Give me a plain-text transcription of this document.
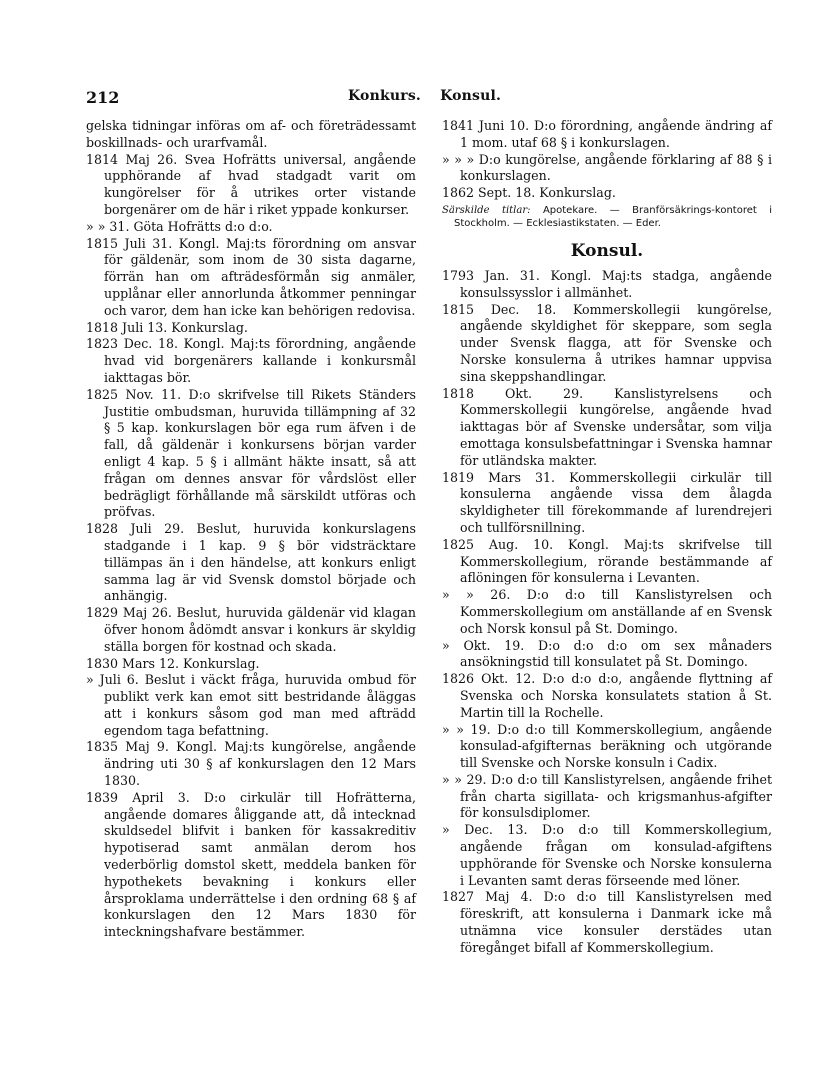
212	Konkurs. Konsul.

gelska tidningar införas om af- och företrädessamt boskillnads- och urarfvamål.

1814 Maj 26. Svea Hofrätts universal, angående upphörande af hvad stadgadt varit om kungörelser för å utrikes orter vistande borgenärer om de här i riket yppade konkurser.

» » 31. Göta Hofrätts d:o d:o.

1815 Juli 31. Kongl. Maj:ts förordning om ansvar för gäldenär, som inom de 30 sista dagarne, förrän han om afträdesförmån sig anmäler, upplånar eller annorlunda åtkommer penningar och varor, dem han icke kan behörigen redovisa.

1818 Juli 13. Konkurslag.

1823 Dec. 18. Kongl. Maj:ts förordning, angående hvad vid borgenärers kallande i konkursmål iakttagas bör.

1825 Nov. 11. D:o skrifvelse till Rikets Ständers Justitie ombudsman, huruvida tillämpning af 32 § 5 kap. konkurslagen bör ega rum äfven i de fall, då gäldenär i konkursens början varder enligt 4 kap. 5 § i allmänt häkte insatt, så att frågan om dennes ansvar för vårdslöst eller bedrägligt förhållande må särskildt utföras och pröfvas.

1828 Juli 29. Beslut, huruvida konkurslagens stadgande i 1 kap. 9 § bör vidsträcktare tillämpas än i den händelse, att konkurs enligt samma lag är vid Svensk domstol började och anhängig.

1829 Maj 26. Beslut, huruvida gäldenär vid klagan öfver honom ådömdt ansvar i konkurs är skyldig ställa borgen för kostnad och skada.

1830 Mars 12. Konkurslag.

» Juli 6. Beslut i väckt fråga, huruvida ombud för publikt verk kan emot sitt bestridande åläggas att i konkurs såsom god man med afträdd egendom taga befattning.

1835 Maj 9. Kongl. Maj:ts kungörelse, angående ändring uti 30 § af konkurslagen den 12 Mars 1830.

1839 April 3. D:o cirkulär till Hofrätterna, angående domares åliggande att, då intecknad skuldsedel blifvit i banken för kassakreditiv hypotiserad samt anmälan derom hos vederbörlig domstol skett, meddela banken för hypothekets bevakning i konkurs eller årsproklama underrättelse i den ordning 68 § af konkurslagen den 12 Mars 1830 för inteckningshafvare bestämmer.

1841 Juni 10. D:o förordning, angående ändring af 1 mom. utaf 68 § i konkurslagen.

» » » D:o kungörelse, angående förklaring af 88 § i konkurslagen.

1862 Sept. 18. Konkurslag.

Särskilde titlar: Apotekare. — Branförsäkrings-kontoret i Stockholm. — Ecklesiastikstaten. — Eder.

Konsul.

1793 Jan. 31. Kongl. Maj:ts stadga, angående konsulssysslor i allmänhet.

1815 Dec. 18. Kommerskollegii kungörelse, angående skyldighet för skeppare, som segla under Svensk flagga, att för Svenske och Norske konsulerna å utrikes hamnar uppvisa sina skeppshandlingar.

1818 Okt. 29. Kanslistyrelsens och Kommerskollegii kungörelse, angående hvad iakttagas bör af Svenske undersåtar, som vilja emottaga konsulsbefattningar i Svenska hamnar för utländska makter.

1819 Mars 31. Kommerskollegii cirkulär till konsulerna angående vissa dem ålagda skyldigheter till förekommande af lurendrejeri och tullförsnillning.

1825 Aug. 10. Kongl. Maj:ts skrifvelse till Kommerskollegium, rörande bestämmande af aflöningen för konsulerna i Levanten.

» » 26. D:o d:o till Kanslistyrelsen och Kommerskollegium om anställande af en Svensk och Norsk konsul på St. Domingo.

» Okt. 19. D:o d:o d:o om sex månaders ansökningstid till konsulatet på St. Domingo.

1826 Okt. 12. D:o d:o d:o, angående flyttning af Svenska och Norska konsulatets station å St. Martin till la Rochelle.

» » 19. D:o d:o till Kommerskollegium, angående konsulad-afgifternas beräkning och utgörande till Svenske och Norske konsuln i Cadix.

» » 29. D:o d:o till Kanslistyrelsen, angående frihet från charta sigillata- och krigsmanhus-afgifter för konsulsdiplomer.

» Dec. 13. D:o d:o till Kommerskollegium, angående frågan om konsulad-afgiftens upphörande för Svenske och Norske konsulerna i Levanten samt deras förseende med löner.

1827 Maj 4. D:o d:o till Kanslistyrelsen med föreskrift, att konsulerna i Danmark icke må utnämna vice konsuler derstädes utan föregånget bifall af Kommerskollegium.
